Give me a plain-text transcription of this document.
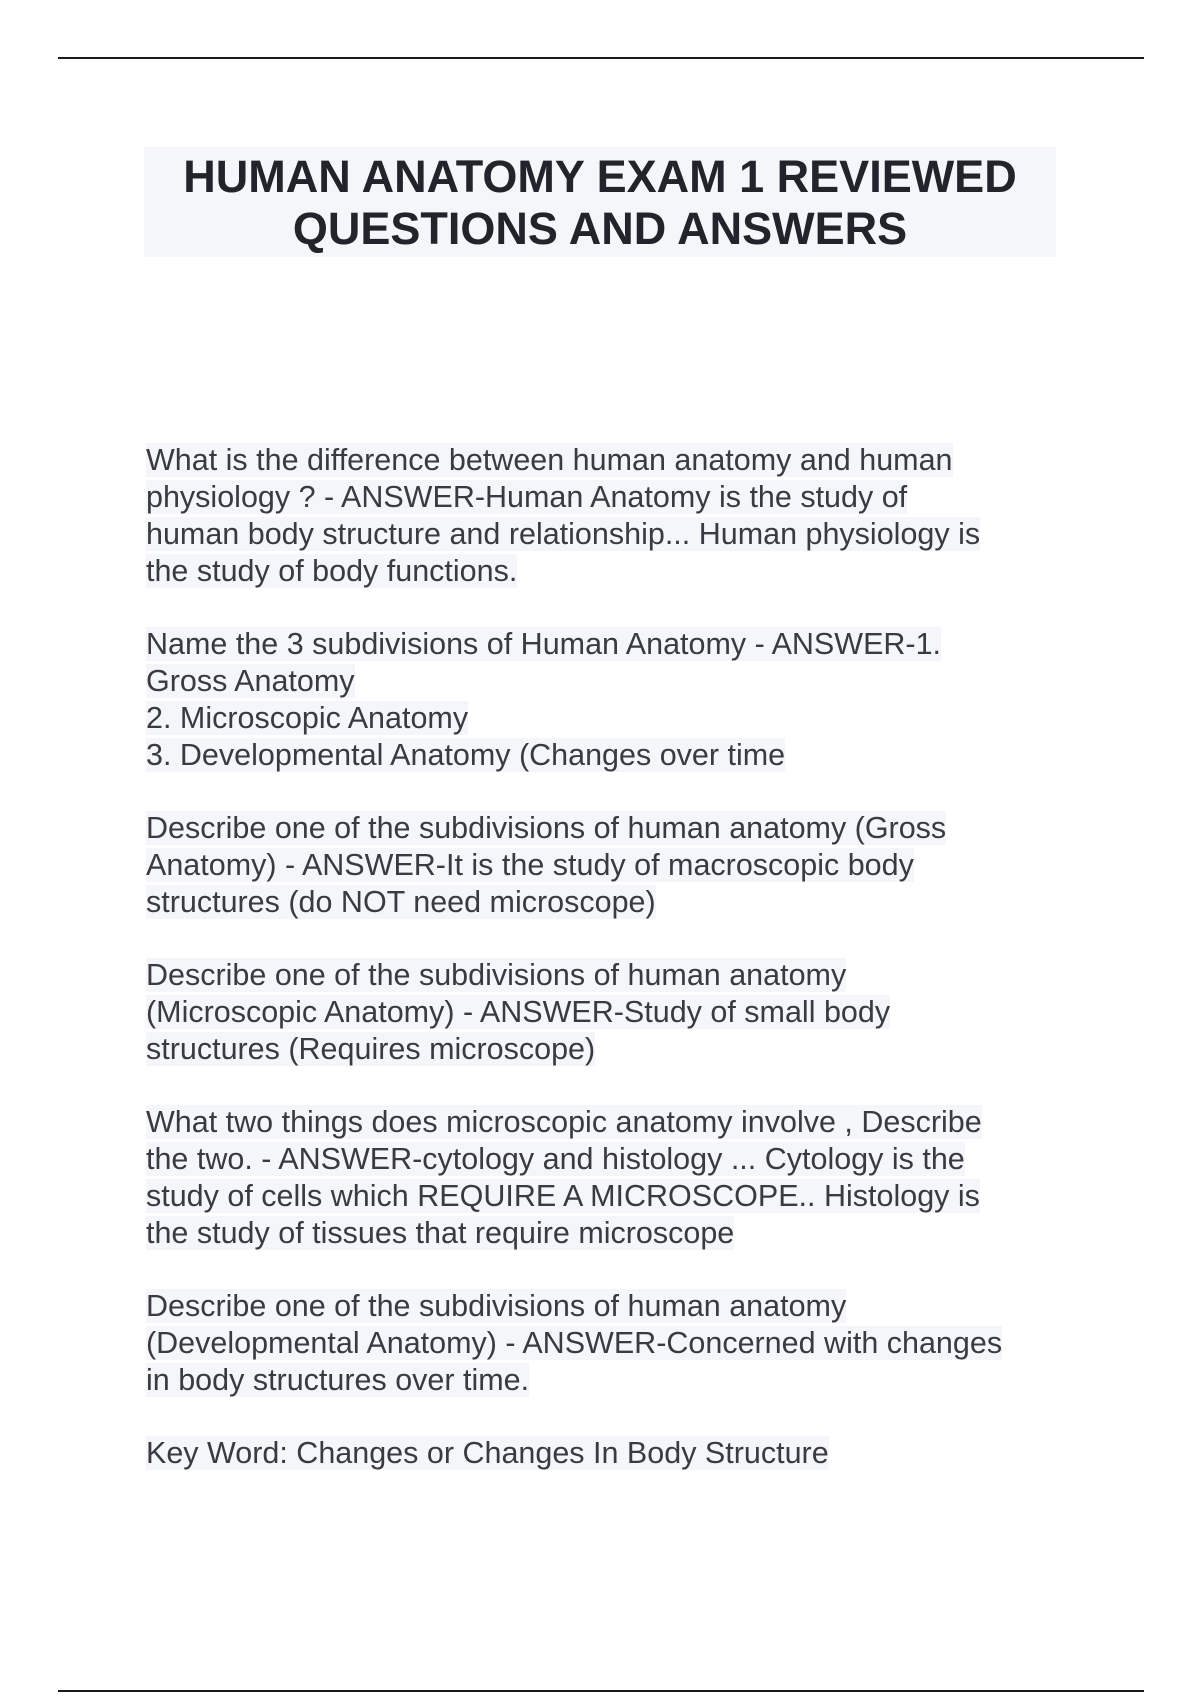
HUMAN ANATOMY EXAM 1 REVIEWED
QUESTIONS AND ANSWERS
What is the difference between human anatomy and human
physiology ? - ANSWER-Human Anatomy is the study of
human body structure and relationship... Human physiology is
the study of body functions.
Name the 3 subdivisions of Human Anatomy - ANSWER-1.
Gross Anatomy
2. Microscopic Anatomy
3. Developmental Anatomy (Changes over time
Describe one of the subdivisions of human anatomy (Gross
Anatomy) - ANSWER-It is the study of macroscopic body
structures (do NOT need microscope)
Describe one of the subdivisions of human anatomy
(Microscopic Anatomy) - ANSWER-Study of small body
structures (Requires microscope)
What two things does microscopic anatomy involve , Describe
the two. - ANSWER-cytology and histology ... Cytology is the
study of cells which REQUIRE A MICROSCOPE.. Histology is
the study of tissues that require microscope
Describe one of the subdivisions of human anatomy
(Developmental Anatomy) - ANSWER-Concerned with changes
in body structures over time.
Key Word: Changes or Changes In Body Structure
